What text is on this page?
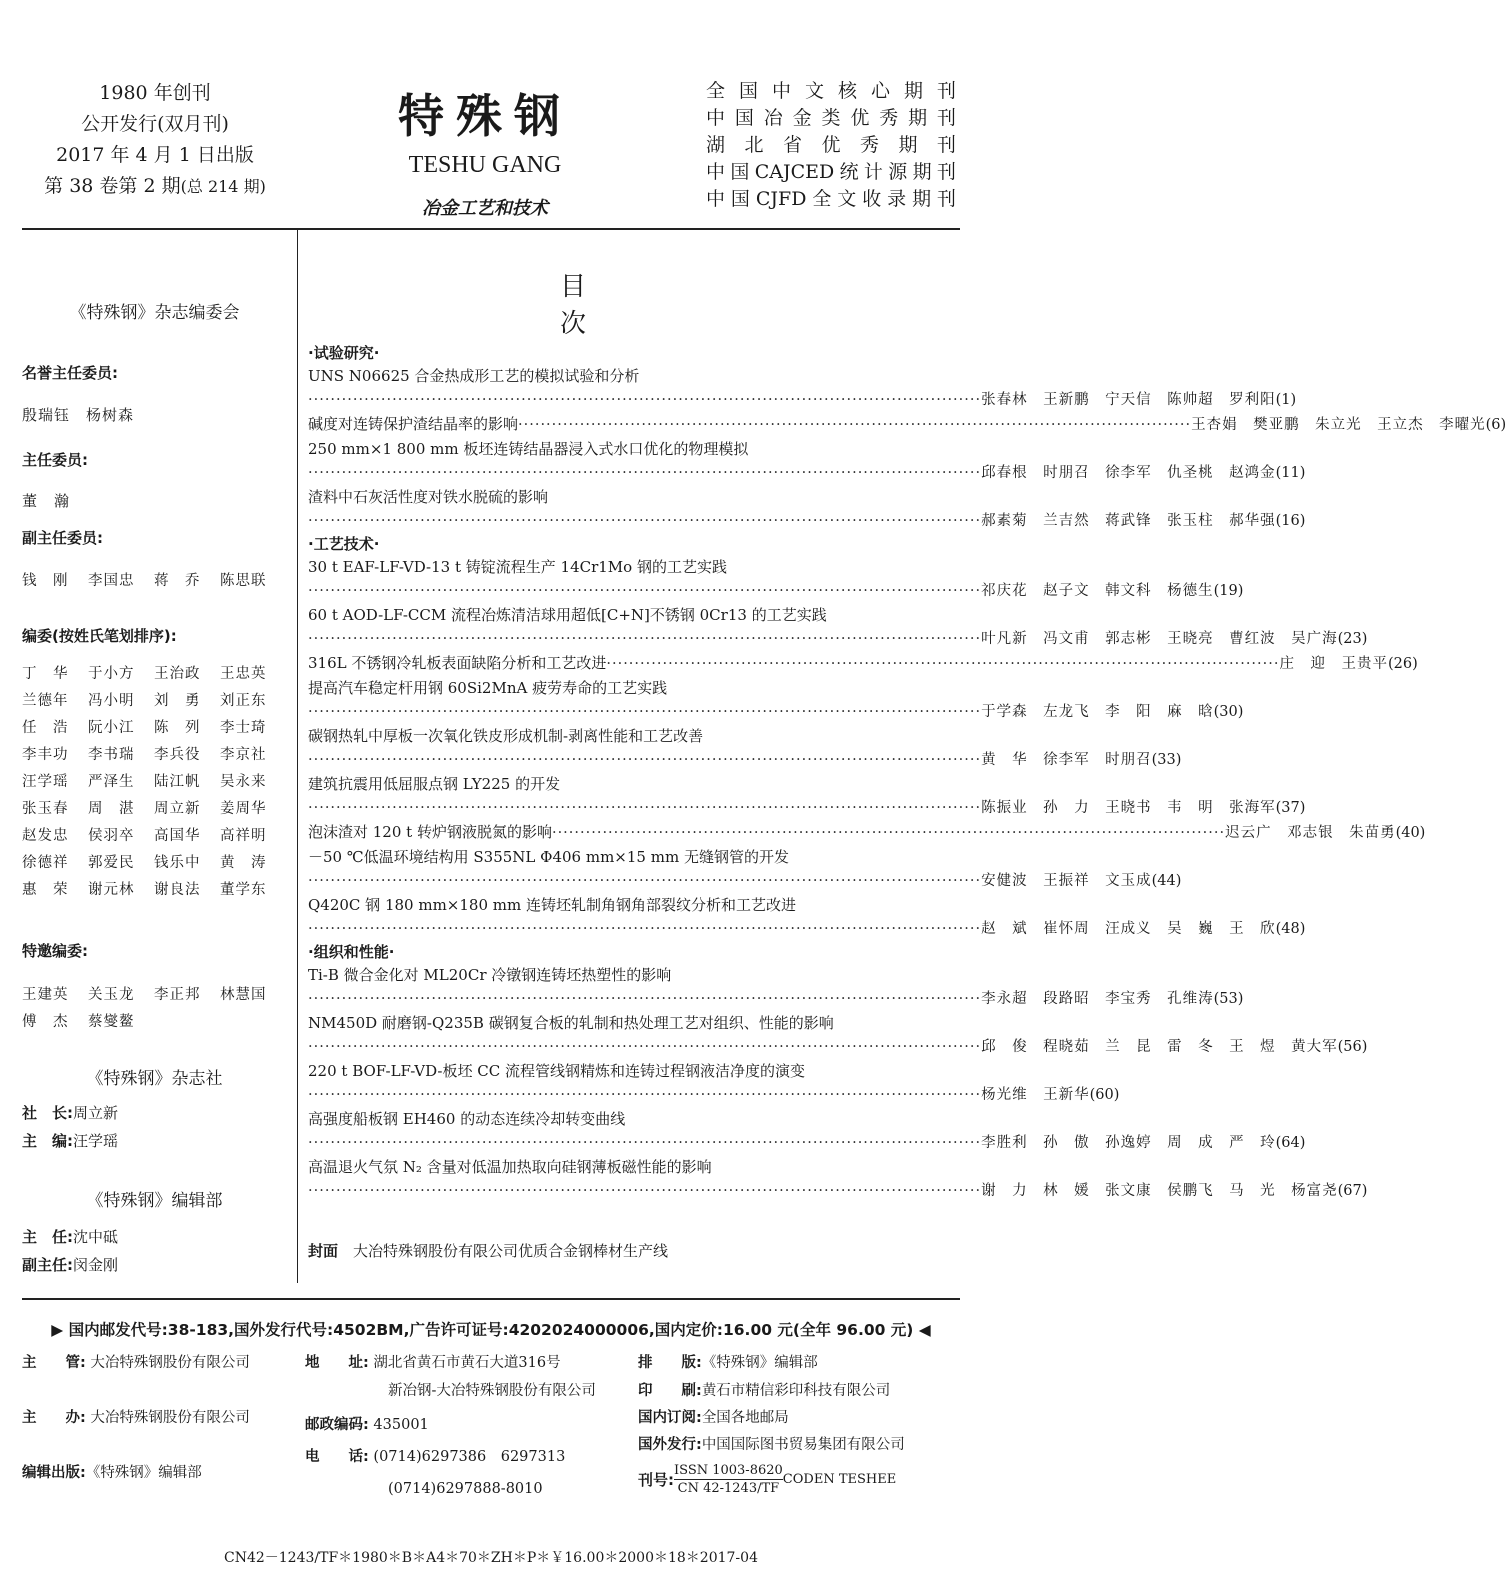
1980 年创刊
公开发行(双月刊)
2017 年 4 月 1 日出版
第 38 卷第 2 期(总 214 期)
特殊钢
TESHU GANG
冶金工艺和技术
全国中文核心期刊
中国冶金类优秀期刊
湖北省优秀期刊
中国CAJCED统计源期刊
中国CJFD全文收录期刊
《特殊钢》杂志编委会
名誉主任委员:
殷瑞钰　杨树森
主任委员:
董　瀚
副主任委员:
钱　刚	李国忠	蒋　乔	陈思联
编委(按姓氏笔划排序):
丁　华	于小方	王治政	王忠英
兰德年	冯小明	刘　勇	刘正东
任　浩	阮小江	陈　列	李士琦
李丰功	李书瑞	李兵役	李京社
汪学瑶	严泽生	陆江帆	吴永来
张玉春	周　湛	周立新	姜周华
赵发忠	侯羽卒	高国华	高祥明
徐德祥	郭爱民	钱乐中	黄　涛
惠　荣	谢元林	谢良法	董学东
特邀编委:
王建英	关玉龙	李正邦	林慧国
傅　杰	蔡燮鳌
《特殊钢》杂志社
社　长:周立新
主　编:汪学瑶
《特殊钢》编辑部
主　任:沈中砥
副主任:闵金刚
目次
·试验研究·
UNS N06625 合金热成形工艺的模拟试验和分析
························································································································ 张春林　王新鹏　宁天信　陈帅超　罗利阳 (1)
碱度对连铸保护渣结晶率的影响 ························································································································ 王杏娟　樊亚鹏　朱立光　王立杰　李曜光 (6)
250 mm×1 800 mm 板坯连铸结晶器浸入式水口优化的物理模拟
························································································································ 邱春根　时朋召　徐李军　仇圣桃　赵鸿金 (11)
渣料中石灰活性度对铁水脱硫的影响
························································································································ 郝素菊　兰吉然　蒋武锋　张玉柱　郝华强 (16)
·工艺技术·
30 t EAF-LF-VD-13 t 铸锭流程生产 14Cr1Mo 钢的工艺实践
························································································································ 祁庆花　赵子文　韩文科　杨德生 (19)
60 t AOD-LF-CCM 流程冶炼清洁球用超低[C+N]不锈钢 0Cr13 的工艺实践
························································································································ 叶凡新　冯文甫　郭志彬　王晓亮　曹红波　吴广海 (23)
316L 不锈钢冷轧板表面缺陷分析和工艺改进 ························································································································ 庄　迎　王贵平 (26)
提高汽车稳定杆用钢 60Si2MnA 疲劳寿命的工艺实践
························································································································ 于学森　左龙飞　李　阳　麻　晗 (30)
碳钢热轧中厚板一次氧化铁皮形成机制-剥离性能和工艺改善
························································································································ 黄　华　徐李军　时朋召 (33)
建筑抗震用低屈服点钢 LY225 的开发
························································································································ 陈振业　孙　力　王晓书　韦　明　张海军 (37)
泡沫渣对 120 t 转炉钢液脱氮的影响 ························································································································ 迟云广　邓志银　朱苗勇 (40)
－50 ℃低温环境结构用 S355NL Φ406 mm×15 mm 无缝钢管的开发
························································································································ 安健波　王振祥　文玉成 (44)
Q420C 钢 180 mm×180 mm 连铸坯轧制角钢角部裂纹分析和工艺改进
························································································································ 赵　斌　崔怀周　汪成义　吴　巍　王　欣 (48)
·组织和性能·
Ti-B 微合金化对 ML20Cr 冷镦钢连铸坯热塑性的影响
························································································································ 李永超　段路昭　李宝秀　孔维涛 (53)
NM450D 耐磨钢-Q235B 碳钢复合板的轧制和热处理工艺对组织、性能的影响
························································································································ 邱　俊　程晓茹　兰　昆　雷　冬　王　煜　黄大军 (56)
220 t BOF-LF-VD-板坯 CC 流程管线钢精炼和连铸过程钢液洁净度的演变
························································································································ 杨光维　王新华 (60)
高强度船板钢 EH460 的动态连续冷却转变曲线
························································································································ 李胜利　孙　傲　孙逸婷　周　成　严　玲 (64)
高温退火气氛 N₂ 含量对低温加热取向硅钢薄板磁性能的影响
························································································································ 谢　力　林　媛　张文康　侯鹏飞　马　光　杨富尧 (67)
封面　 大冶特殊钢股份有限公司优质合金钢棒材生产线
▶ 国内邮发代号:38-183,国外发行代号:4502BM,广告许可证号:4202024000006,国内定价:16.00 元(全年 96.00 元) ◀
主　　管: 大冶特殊钢股份有限公司
主　　办: 大冶特殊钢股份有限公司
编辑出版:《特殊钢》编辑部
地　　址: 湖北省黄石市黄石大道316号
新冶钢-大冶特殊钢股份有限公司
邮政编码: 435001
电　　话: (0714)6297386　6297313
(0714)6297888-8010
排　　版:《特殊钢》编辑部
印　　刷:黄石市精信彩印科技有限公司
国内订阅:全国各地邮局
国外发行:中国国际图书贸易集团有限公司
刊号:
ISSN 1003-8620
CN 42-1243/TF
CODEN TESHEE
CN42－1243/TF＊1980＊B＊A4＊70＊ZH＊P＊￥16.00＊2000＊18＊2017-04
